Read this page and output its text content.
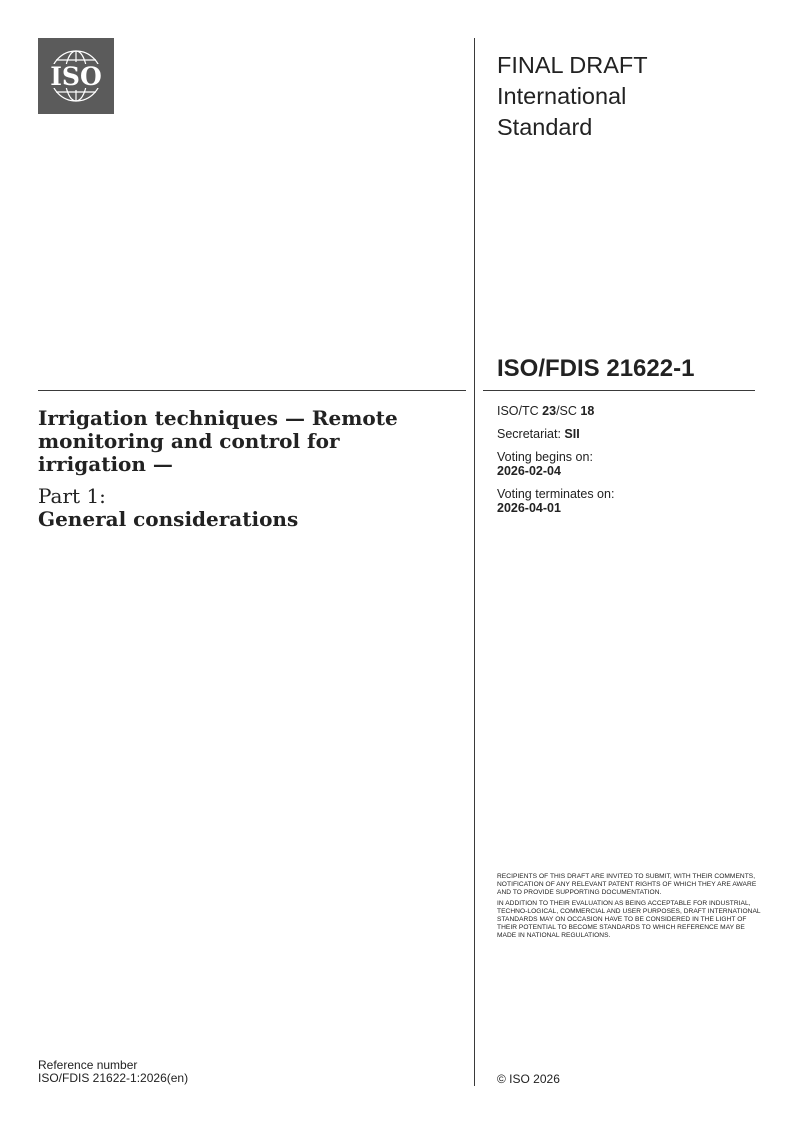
ISO	FINAL DRAFT
International
Standard
ISO/FDIS 21622-1
Irrigation techniques — Remote monitoring and control for irrigation —
Part 1:
General considerations
ISO/TC 23/SC 18
Secretariat: SII
Voting begins on:
2026-02-04
Voting terminates on:
2026-04-01

RECIPIENTS OF THIS DRAFT ARE INVITED TO SUBMIT, WITH THEIR COMMENTS, NOTIFICATION OF ANY RELEVANT PATENT RIGHTS OF WHICH THEY ARE AWARE AND TO PROVIDE SUPPORTING DOCUMENTATION.

IN ADDITION TO THEIR EVALUATION AS BEING ACCEPTABLE FOR INDUSTRIAL, TECHNO-LOGICAL, COMMERCIAL AND USER PURPOSES, DRAFT INTERNATIONAL STANDARDS MAY ON OCCASION HAVE TO BE CONSIDERED IN THE LIGHT OF THEIR POTENTIAL TO BECOME STANDARDS TO WHICH REFERENCE MAY BE MADE IN NATIONAL REGULATIONS.

Reference number
ISO/FDIS 21622-1:2026(en)	© ISO 2026
